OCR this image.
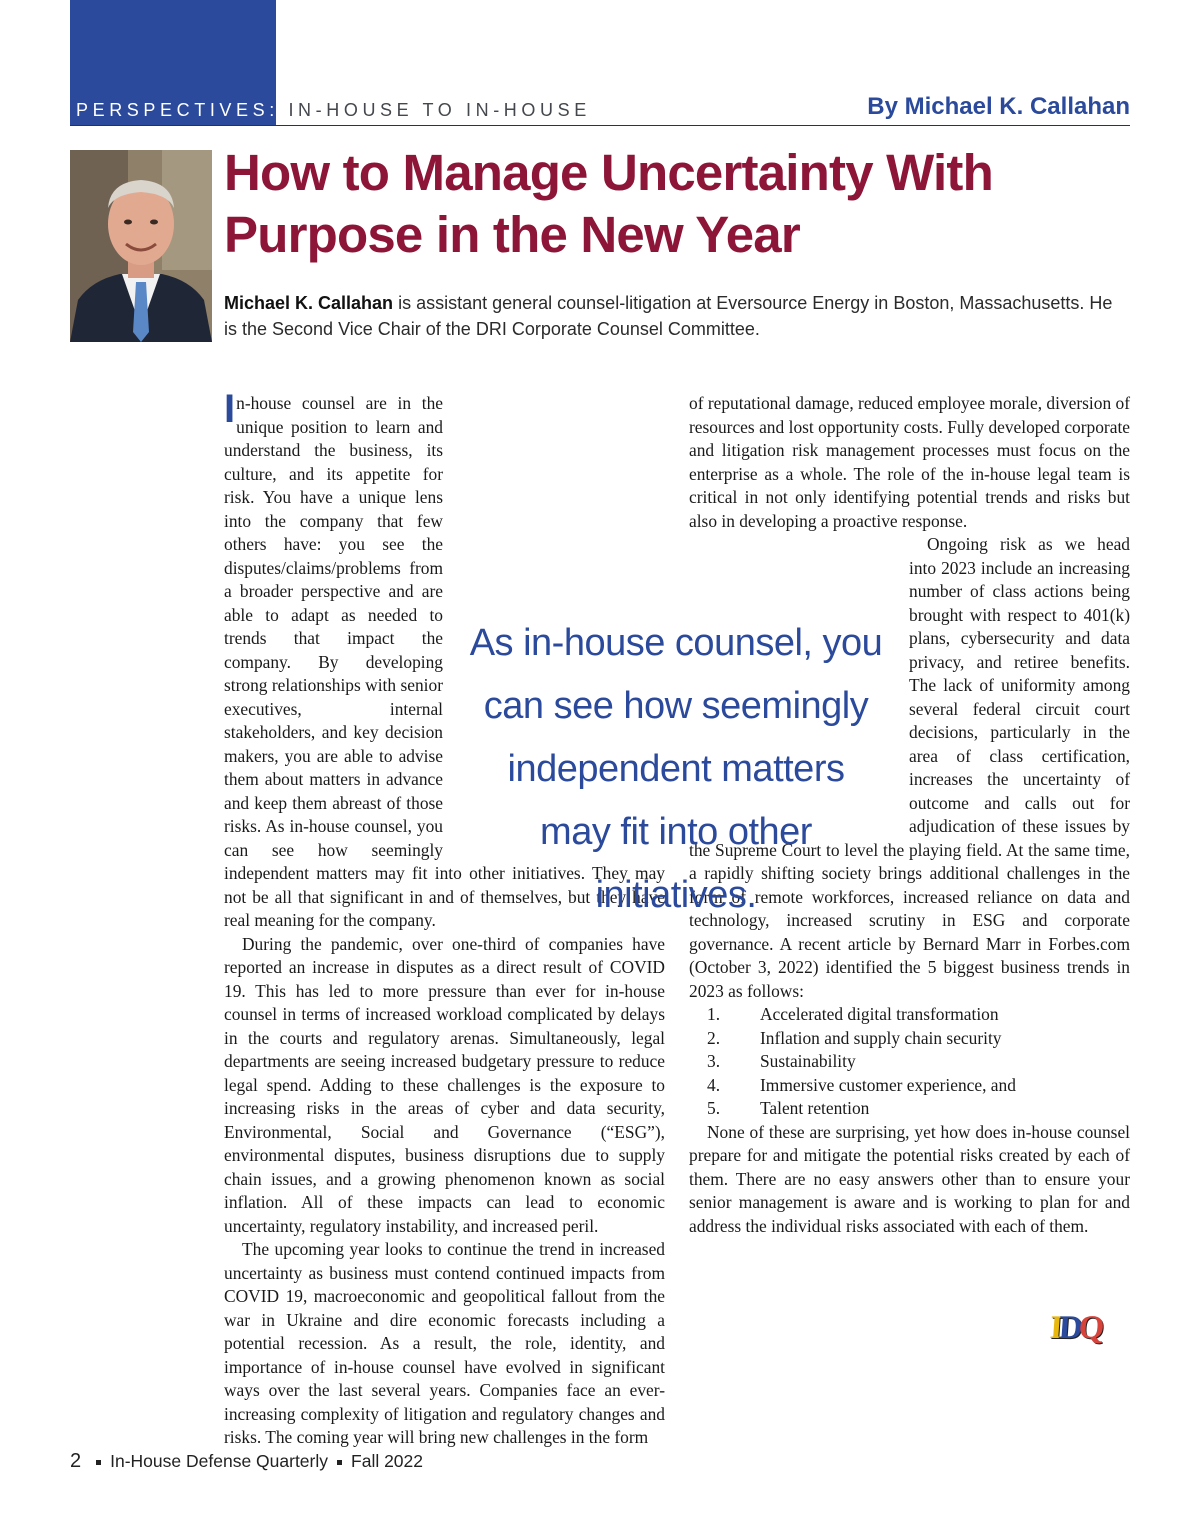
PERSPECTIVES: IN-HOUSE TO IN-HOUSE	By Michael K. Callahan
How to Manage Uncertainty With Purpose in the New Year

Michael K. Callahan is assistant general counsel-litigation at Eversource Energy in Boston, Massachusetts. He is the Second Vice Chair of the DRI Corporate Counsel Committee.

In-house counsel are in the unique position to learn and understand the business, its culture, and its appetite for risk. You have a unique lens into the company that few others have: you see the disputes/claims/problems from a broader perspective and are able to adapt as needed to trends that impact the company. By developing strong relationships with senior executives, internal stakeholders, and key decision makers, you are able to advise them about matters in advance and keep them abreast of those risks. As in-house counsel, you can see how seemingly independent matters may fit into other initiatives. They may not be all that significant in and of themselves, but they have real meaning for the company.

During the pandemic, over one-third of companies have reported an increase in disputes as a direct result of COVID 19. This has led to more pressure than ever for in-house counsel in terms of increased workload complicated by delays in the courts and regulatory arenas. Simultaneously, legal departments are seeing increased budgetary pressure to reduce legal spend. Adding to these challenges is the exposure to increasing risks in the areas of cyber and data security, Environmental, Social and Governance (“ESG”), environmental disputes, business disruptions due to supply chain issues, and a growing phenomenon known as social inflation. All of these impacts can lead to economic uncertainty, regulatory instability, and increased peril.

The upcoming year looks to continue the trend in increased uncertainty as business must contend continued impacts from COVID 19, macroeconomic and geopolitical fallout from the war in Ukraine and dire economic forecasts including a potential recession. As a result, the role, identity, and importance of in-house counsel have evolved in significant ways over the last several years. Companies face an ever-increasing complexity of litigation and regulatory changes and risks. The coming year will bring new challenges in the form

of reputational damage, reduced employee morale, diversion of resources and lost opportunity costs. Fully developed corporate and litigation risk management processes must focus on the enterprise as a whole. The role of the in-house legal team is critical in not only identifying potential trends and risks but also in developing a proactive response.

Ongoing risk as we head into 2023 include an increasing number of class actions being brought with respect to 401(k) plans, cybersecurity and data privacy, and retiree benefits. The lack of uniformity among several federal circuit court decisions, particularly in the area of class certification, increases the uncertainty of outcome and calls out for adjudication of these issues by the Supreme Court to level the playing field. At the same time, a rapidly shifting society brings additional challenges in the form of remote workforces, increased reliance on data and technology, increased scrutiny in ESG and corporate governance. A recent article by Bernard Marr in Forbes.com (October 3, 2022) identified the 5 biggest business trends in 2023 as follows:

1. Accelerated digital transformation
2. Inflation and supply chain security
3. Sustainability
4. Immersive customer experience, and
5. Talent retention

None of these are surprising, yet how does in-house counsel prepare for and mitigate the potential risks created by each of them. There are no easy answers other than to ensure your senior management is aware and is working to plan for and address the individual risks associated with each of them.

As in-house counsel, you can see how seemingly independent matters may fit into other initiatives.
IDQ
2 In-House Defense Quarterly Fall 2022
